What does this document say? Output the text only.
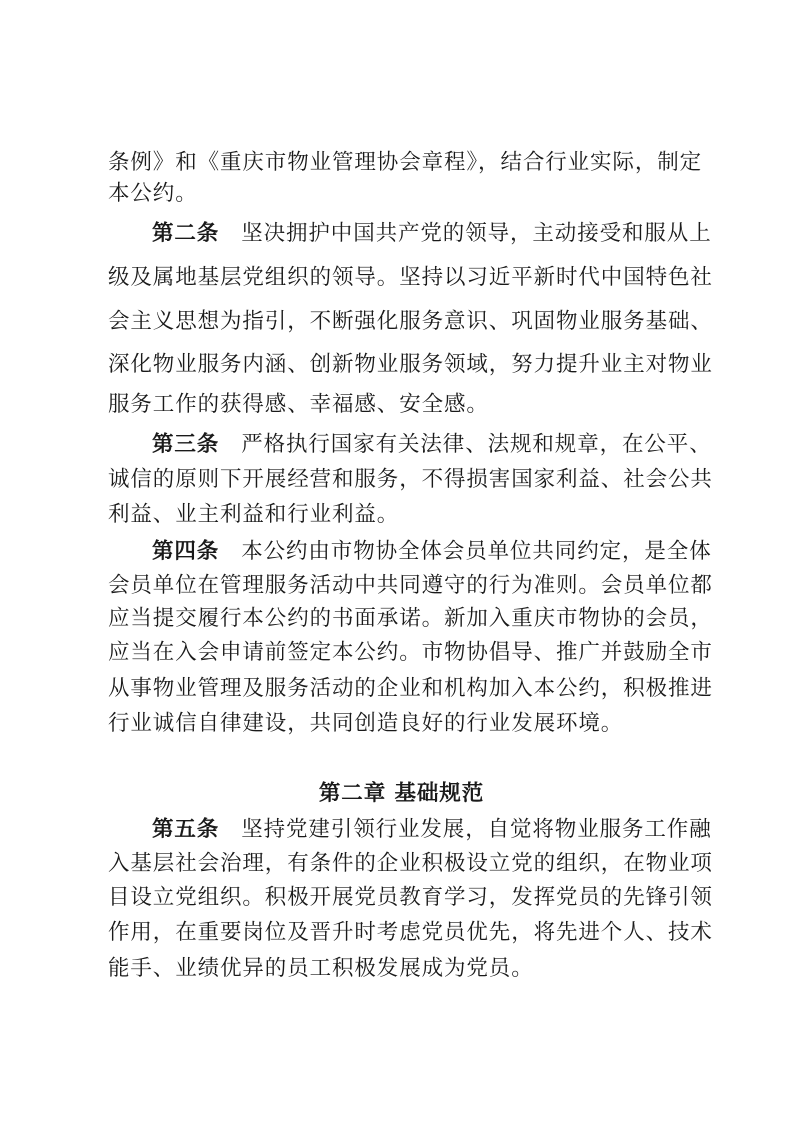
条例》和《重庆市物业管理协会章程》，结合行业实际，制定
本公约。
第二条 坚决拥护中国共产党的领导，主动接受和服从上
级及属地基层党组织的领导。坚持以习近平新时代中国特色社
会主义思想为指引，不断强化服务意识、巩固物业服务基础、
深化物业服务内涵、创新物业服务领域，努力提升业主对物业
服务工作的获得感、幸福感、安全感。
第三条 严格执行国家有关法律、法规和规章，在公平、
诚信的原则下开展经营和服务，不得损害国家利益、社会公共
利益、业主利益和行业利益。
第四条 本公约由市物协全体会员单位共同约定，是全体
会员单位在管理服务活动中共同遵守的行为准则。会员单位都
应当提交履行本公约的书面承诺。新加入重庆市物协的会员，
应当在入会申请前签定本公约。市物协倡导、推广并鼓励全市
从事物业管理及服务活动的企业和机构加入本公约，积极推进
行业诚信自律建设，共同创造良好的行业发展环境。
第二章 基础规范
第五条 坚持党建引领行业发展，自觉将物业服务工作融
入基层社会治理，有条件的企业积极设立党的组织，在物业项
目设立党组织。积极开展党员教育学习，发挥党员的先锋引领
作用，在重要岗位及晋升时考虑党员优先，将先进个人、技术
能手、业绩优异的员工积极发展成为党员。
